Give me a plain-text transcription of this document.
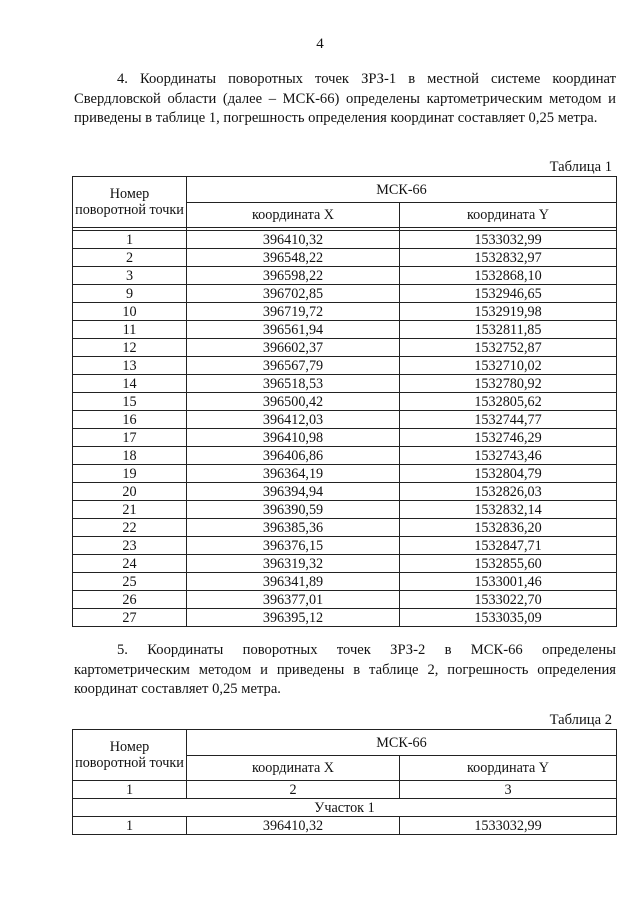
4

4. Координаты поворотных точек ЗРЗ-1 в местной системе координат Свердловской области (далее – МСК-66) определены картометрическим методом и приведены в таблице 1, погрешность определения координат составляет 0,25 метра.

Таблица 1
Номер поворотной точки	МСК-66	
	координата X	координата Y

1	396410,32	1533032,99
2	396548,22	1532832,97
3	396598,22	1532868,10
9	396702,85	1532946,65
10	396719,72	1532919,98
11	396561,94	1532811,85
12	396602,37	1532752,87
13	396567,79	1532710,02
14	396518,53	1532780,92
15	396500,42	1532805,62
16	396412,03	1532744,77
17	396410,98	1532746,29
18	396406,86	1532743,46
19	396364,19	1532804,79
20	396394,94	1532826,03
21	396390,59	1532832,14
22	396385,36	1532836,20
23	396376,15	1532847,71
24	396319,32	1532855,60
25	396341,89	1533001,46
26	396377,01	1533022,70
27	396395,12	1533035,09

5. Координаты поворотных точек ЗРЗ-2 в МСК-66 определены картометрическим методом и приведены в таблице 2, погрешность определения координат составляет 0,25 метра.

Таблица 2
Номер поворотной точки	МСК-66	
	координата X	координата Y
1	2	3
Участок 1		
1	396410,32	1533032,99
